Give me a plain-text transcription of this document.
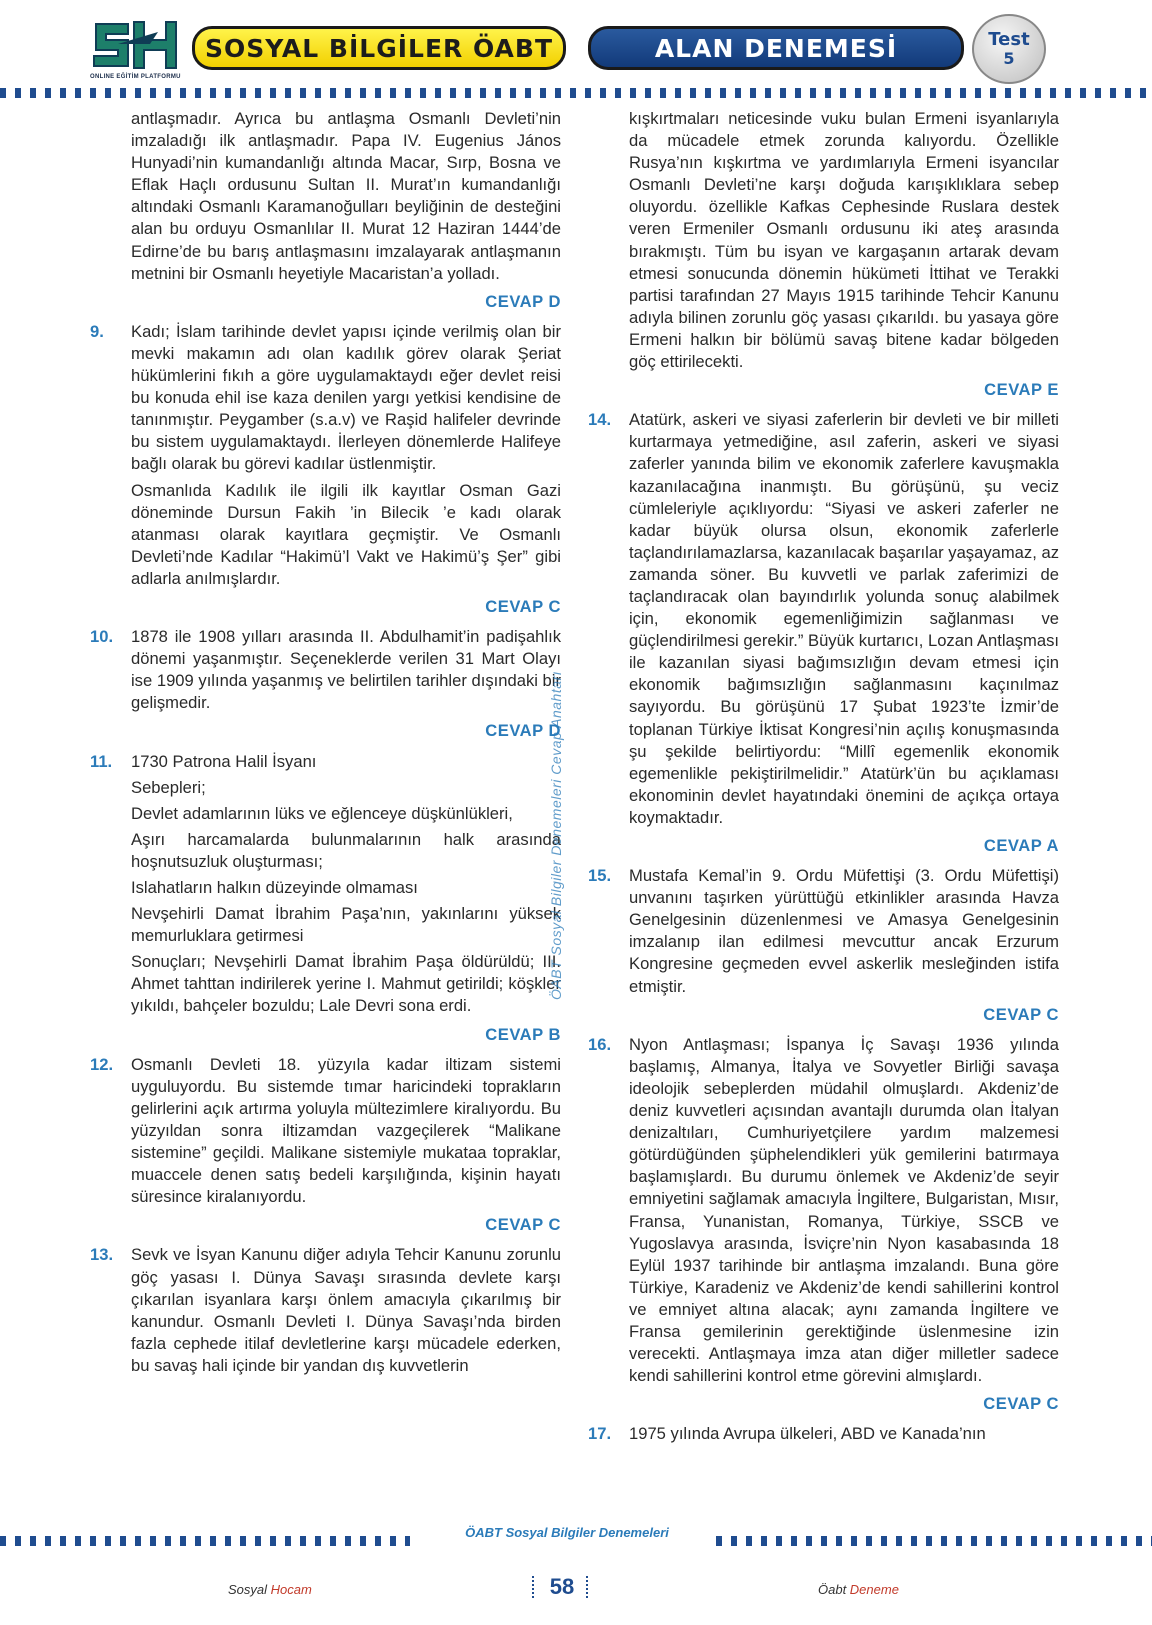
ONLINE EĞİTİM PLATFORMU
SOSYAL BİLGİLER ÖABT	ALAN DENEMESİ	Test
5

antlaşmadır. Ayrıca bu antlaşma Osmanlı Devleti’nin imzaladığı ilk antlaşmadır. Papa IV. Eugenius János Hunyadi’nin kumandanlığı altında Macar, Sırp, Bosna ve Eflak Haçlı ordusunu Sultan II. Murat’ın kumandanlığı altındaki Osmanlı Karamanoğulları beyliğinin de desteğini alan bu orduyu Osmanlılar II. Murat 12 Haziran 1444’de Edirne’de bu barış antlaşmasını imzalayarak antlaşmanın metnini bir Osmanlı heyetiyle Macaristan’a yolladı.

CEVAP D
9. Kadı; İslam tarihinde devlet yapısı içinde verilmiş olan bir mevki makamın adı olan kadılık görev olarak Şeriat hükümlerini fıkıh a göre uygulamaktaydı eğer devlet reisi bu konuda ehil ise kaza denilen yargı yetkisi kendisine de tanınmıştır. Peygamber (s.a.v) ve Raşid halifeler devrinde bu sistem uygulamaktaydı. İlerleyen dönemlerde Halifeye bağlı olarak bu görevi kadılar üstlenmiştir.

Osmanlıda Kadılık ile ilgili ilk kayıtlar Osman Gazi döneminde Dursun Fakih ’in Bilecik ’e kadı olarak atanması olarak kayıtlara geçmiştir. Ve Osmanlı Devleti’nde Kadılar “Hakimü’l Vakt ve Hakimü’ş Şer” gibi adlarla anılmışlardır.

CEVAP C
10. 1878 ile 1908 yılları arasında II. Abdulhamit’in padişahlık dönemi yaşanmıştır. Seçeneklerde verilen 31 Mart Olayı ise 1909 yılında yaşanmış ve belirtilen tarihler dışındaki bir gelişmedir.

CEVAP D
11. 1730 Patrona Halil İsyanı

Sebepleri;

Devlet adamlarının lüks ve eğlenceye düşkünlükleri,

Aşırı harcamalarda bulunmalarının halk arasında hoşnutsuzluk oluşturması;

Islahatların halkın düzeyinde olmaması

Nevşehirli Damat İbrahim Paşa’nın, yakınlarını yüksek memurluklara getirmesi

Sonuçları; Nevşehirli Damat İbrahim Paşa öldürüldü; III. Ahmet tahttan indirilerek yerine I. Mahmut getirildi; köşkler yıkıldı, bahçeler bozuldu; Lale Devri sona erdi.

CEVAP B
12. Osmanlı Devleti 18. yüzyıla kadar iltizam sistemi uyguluyordu. Bu sistemde tımar haricindeki toprakların gelirlerini açık artırma yoluyla mültezimlere kiralıyordu. Bu yüzyıldan sonra iltizamdan vazgeçilerek “Malikane sistemine” geçildi. Malikane sistemiyle mukataa topraklar, muaccele denen satış bedeli karşılığında, kişinin hayatı süresince kiralanıyordu.

CEVAP C
13. Sevk ve İsyan Kanunu diğer adıyla Tehcir Kanunu zorunlu göç yasası I. Dünya Savaşı sırasında devlete karşı çıkarılan isyanlara karşı önlem amacıyla çıkarılmış bir kanundur. Osmanlı Devleti I. Dünya Savaşı’nda birden fazla cephede itilaf devletlerine karşı mücadele ederken, bu savaş hali içinde bir yandan dış kuvvetlerin

ÖABT Sosyal Bilgiler Denemeleri Cevap Anahtarı

kışkırtmaları neticesinde vuku bulan Ermeni isyanlarıyla da mücadele etmek zorunda kalıyordu. Özellikle Rusya’nın kışkırtma ve yardımlarıyla Ermeni isyancılar Osmanlı Devleti’ne karşı doğuda karışıklıklara sebep oluyordu. özellikle Kafkas Cephesinde Ruslara destek veren Ermeniler Osmanlı ordusunu iki ateş arasında bırakmıştı. Tüm bu isyan ve kargaşanın artarak devam etmesi sonucunda dönemin hükümeti İttihat ve Terakki partisi tarafından 27 Mayıs 1915 tarihinde Tehcir Kanunu adıyla bilinen zorunlu göç yasası çıkarıldı. bu yasaya göre Ermeni halkın bir bölümü savaş bitene kadar bölgeden göç ettirilecekti.

CEVAP E
14. Atatürk, askeri ve siyasi zaferlerin bir devleti ve bir milleti kurtarmaya yetmediğine, asıl zaferin, askeri ve siyasi zaferler yanında bilim ve ekonomik zaferlere kavuşmakla kazanılacağına inanmıştı. Bu görüşünü, şu veciz cümleleriyle açıklıyordu: “Siyasi ve askeri zaferler ne kadar büyük olursa olsun, ekonomik zaferlerle taçlandırılamazlarsa, kazanılacak başarılar yaşayamaz, az zamanda söner. Bu kuvvetli ve parlak zaferimizi de taçlandıracak olan bayındırlık yolunda sonuç alabilmek için, ekonomik egemenliğimizin sağlanması ve güçlendirilmesi gerekir.” Büyük kurtarıcı, Lozan Antlaşması ile kazanılan siyasi bağımsızlığın devam etmesi için ekonomik bağımsızlığın sağlanmasını kaçınılmaz sayıyordu. Bu görüşünü 17 Şubat 1923’te İzmir’de toplanan Türkiye İktisat Kongresi’nin açılış konuşmasında şu şekilde belirtiyordu: “Millî egemenlik ekonomik egemenlikle pekiştirilmelidir.” Atatürk’ün bu açıklaması ekonominin devlet hayatındaki önemini de açıkça ortaya koymaktadır.

CEVAP A
15. Mustafa Kemal’in 9. Ordu Müfettişi (3. Ordu Müfettişi) unvanını taşırken yürüttüğü etkinlikler arasında Havza Genelgesinin düzenlenmesi ve Amasya Genelgesinin imzalanıp ilan edilmesi mevcuttur ancak Erzurum Kongresine geçmeden evvel askerlik mesleğinden istifa etmiştir.

CEVAP C
16. Nyon Antlaşması; İspanya İç Savaşı 1936 yılında başlamış, Almanya, İtalya ve Sovyetler Birliği savaşa ideolojik sebeplerden müdahil olmuşlardı. Akdeniz’de deniz kuvvetleri açısından avantajlı durumda olan İtalyan denizaltıları, Cumhuriyetçilere yardım malzemesi götürdüğünden şüphelendikleri yük gemilerini batırmaya başlamışlardı. Bu durumu önlemek ve Akdeniz’de seyir emniyetini sağlamak amacıyla İngiltere, Bulgaristan, Mısır, Fransa, Yunanistan, Romanya, Türkiye, SSCB ve Yugoslavya arasında, İsviçre’nin Nyon kasabasında 18 Eylül 1937 tarihinde bir antlaşma imzalandı. Buna göre Türkiye, Karadeniz ve Akdeniz’de kendi sahillerini kontrol ve emniyet altına alacak; aynı zamanda İngiltere ve Fransa gemilerinin gerektiğinde üslenmesine izin verecekti. Antlaşmaya imza atan diğer milletler sadece kendi sahillerini kontrol etme görevini almışlardı.

CEVAP C
17. 1975 yılında Avrupa ülkeleri, ABD ve Kanada’nın

ÖABT Sosyal Bilgiler Denemeleri
Sosyal Hocam	58	Öabt Deneme
